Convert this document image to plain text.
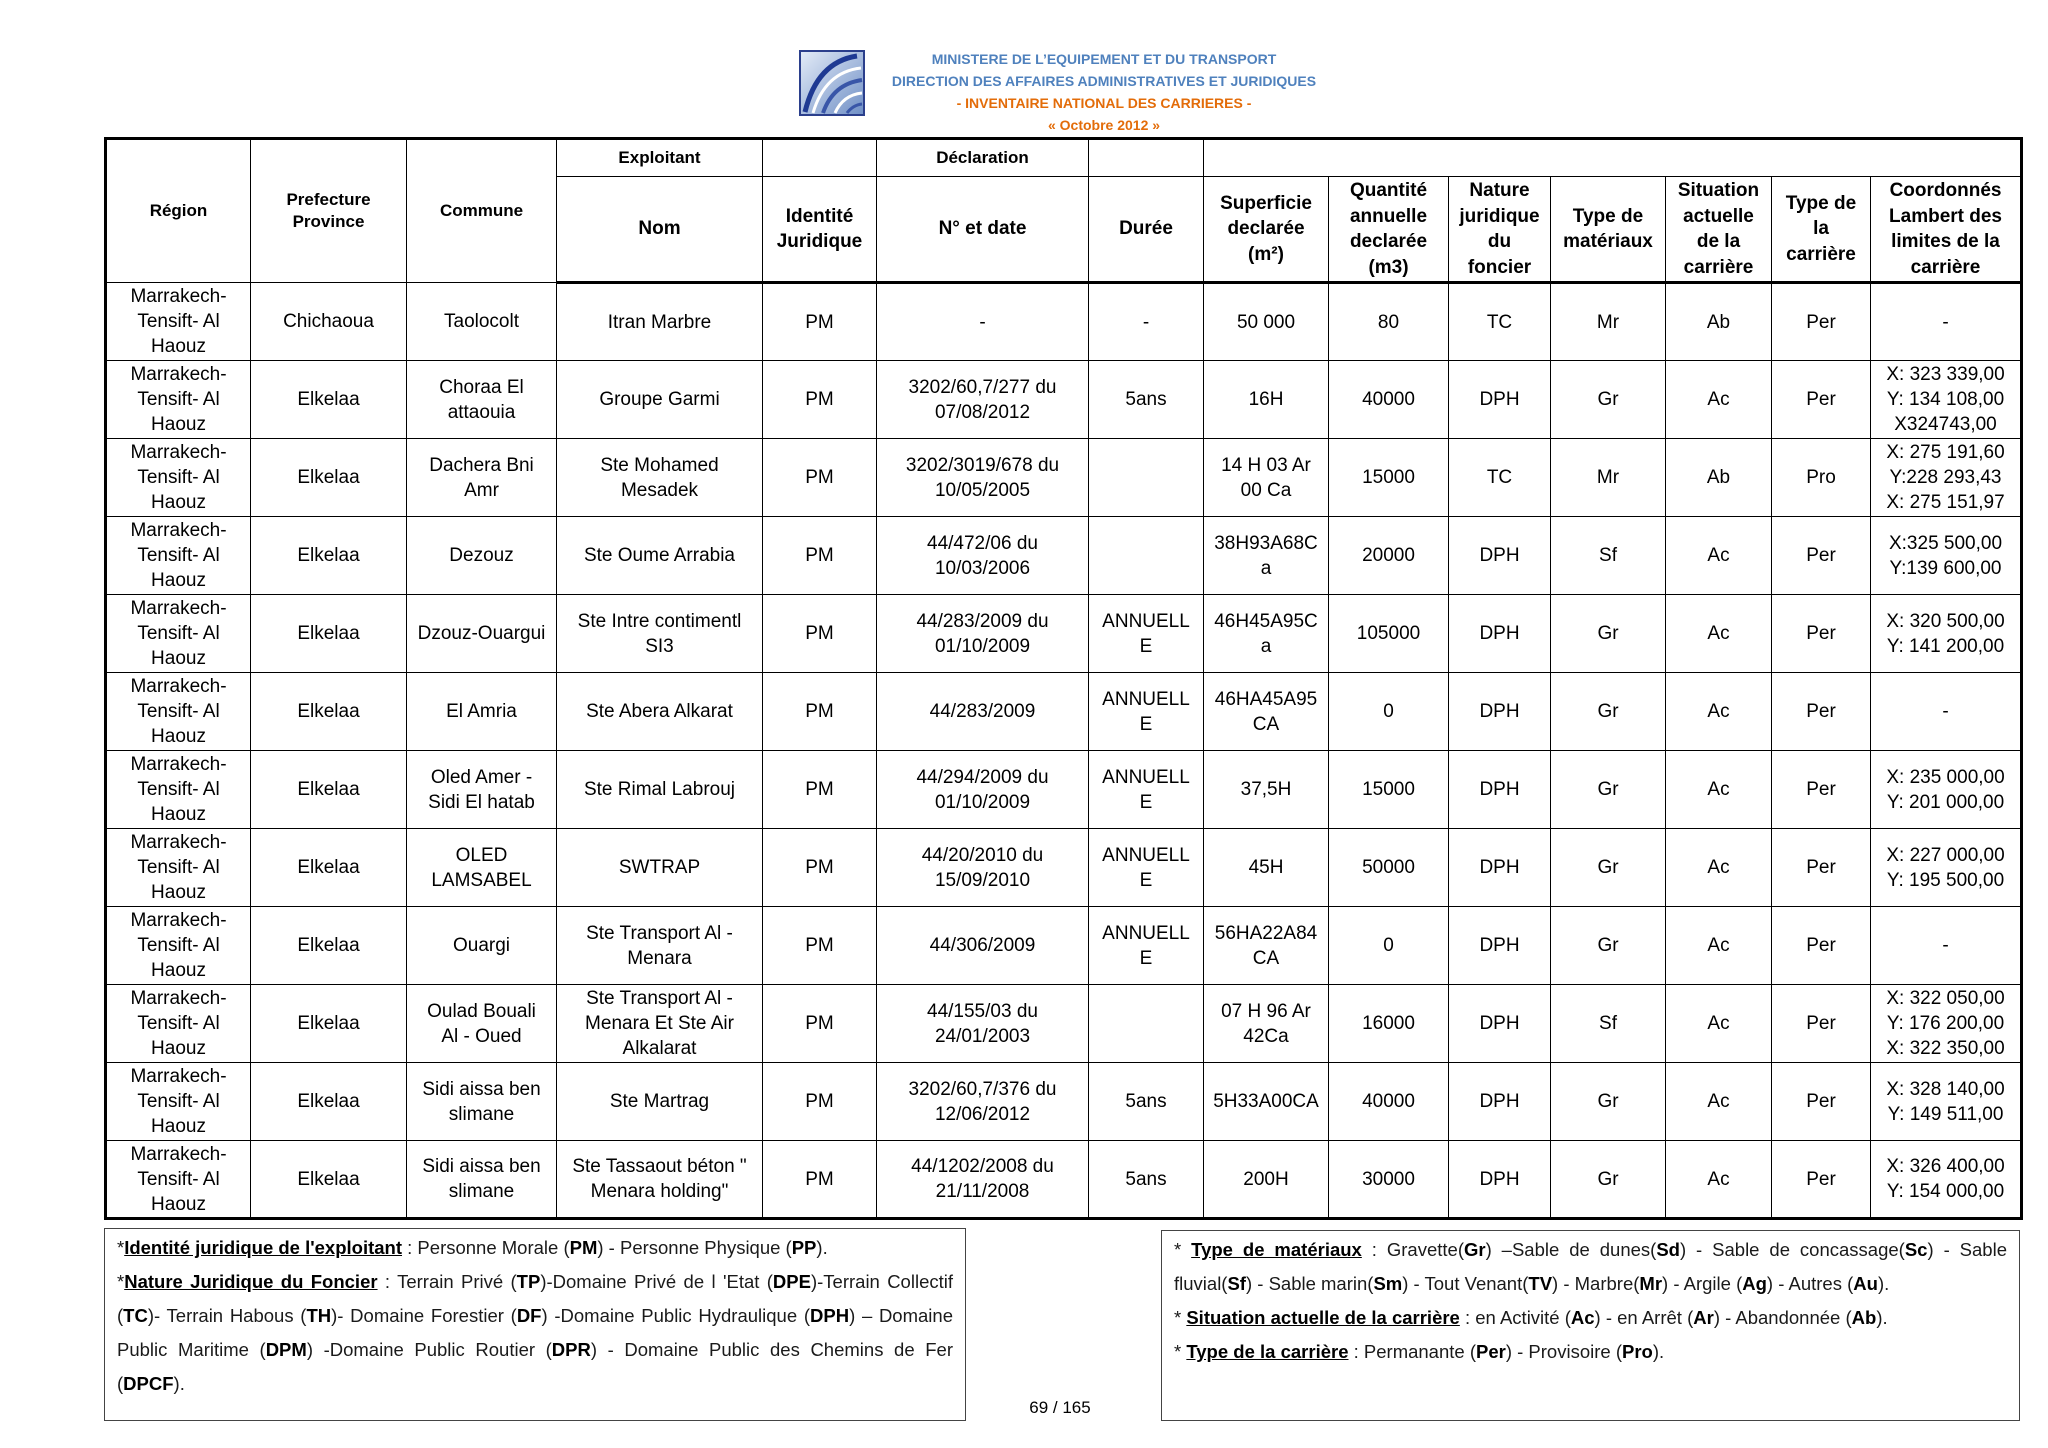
MINISTERE DE L’EQUIPEMENT ET DU TRANSPORT
DIRECTION DES AFFAIRES ADMINISTRATIVES ET JURIDIQUES
- INVENTAIRE NATIONAL DES CARRIERES -
« Octobre 2012 »
Région	Prefecture
Province	Commune	Exploitant		Déclaration								
			Nom	Identité
Juridique	N° et date	Durée	Superficie
declarée
(m²)	Quantité
annuelle
declarée
(m3)	Nature
juridique
du
foncier	Type de
matériaux	Situation
actuelle
de la
carrière	Type de
la
carrière	Coordonnés
Lambert des
limites de la
carrière
Marrakech-
Tensift- Al
Haouz	Chichaoua	Taolocolt	Itran Marbre	PM	-	-	50 000	80	TC	Mr	Ab	Per	-
Marrakech-
Tensift- Al
Haouz	Elkelaa	Choraa El
attaouia	Groupe Garmi	PM	3202/60,7/277 du
07/08/2012	5ans	16H	40000	DPH	Gr	Ac	Per	X: 323 339,00
Y: 134 108,00
X324743,00
Marrakech-
Tensift- Al
Haouz	Elkelaa	Dachera Bni
Amr	Ste Mohamed
Mesadek	PM	3202/3019/678 du
10/05/2005		14 H 03 Ar
00 Ca	15000	TC	Mr	Ab	Pro	X: 275 191,60
Y:228 293,43
X: 275 151,97
Marrakech-
Tensift- Al
Haouz	Elkelaa	Dezouz	Ste Oume Arrabia	PM	44/472/06 du
10/03/2006		38H93A68C
a	20000	DPH	Sf	Ac	Per	X:325 500,00
Y:139 600,00
Marrakech-
Tensift- Al
Haouz	Elkelaa	Dzouz-Ouargui	Ste Intre contimentl
SI3	PM	44/283/2009 du
01/10/2009	ANNUELL
E	46H45A95C
a	105000	DPH	Gr	Ac	Per	X: 320 500,00
Y: 141 200,00
Marrakech-
Tensift- Al
Haouz	Elkelaa	El Amria	Ste Abera Alkarat	PM	44/283/2009	ANNUELL
E	46HA45A95
CA	0	DPH	Gr	Ac	Per	-
Marrakech-
Tensift- Al
Haouz	Elkelaa	Oled Amer -
Sidi El hatab	Ste Rimal Labrouj	PM	44/294/2009 du
01/10/2009	ANNUELL
E	37,5H	15000	DPH	Gr	Ac	Per	X: 235 000,00
Y: 201 000,00
Marrakech-
Tensift- Al
Haouz	Elkelaa	OLED
LAMSABEL	SWTRAP	PM	44/20/2010 du
15/09/2010	ANNUELL
E	45H	50000	DPH	Gr	Ac	Per	X: 227 000,00
Y: 195 500,00
Marrakech-
Tensift- Al
Haouz	Elkelaa	Ouargi	Ste Transport Al -
Menara	PM	44/306/2009	ANNUELL
E	56HA22A84
CA	0	DPH	Gr	Ac	Per	-
Marrakech-
Tensift- Al
Haouz	Elkelaa	Oulad Bouali
Al - Oued	Ste Transport Al -
Menara Et Ste Air
Alkalarat	PM	44/155/03 du
24/01/2003		07 H 96 Ar
42Ca	16000	DPH	Sf	Ac	Per	X: 322 050,00
Y: 176 200,00
X: 322 350,00
Marrakech-
Tensift- Al
Haouz	Elkelaa	Sidi aissa ben
slimane	Ste Martrag	PM	3202/60,7/376 du
12/06/2012	5ans	5H33A00CA	40000	DPH	Gr	Ac	Per	X: 328 140,00
Y: 149 511,00
Marrakech-
Tensift- Al
Haouz	Elkelaa	Sidi aissa ben
slimane	Ste Tassaout béton "
Menara holding"	PM	44/1202/2008 du
21/11/2008	5ans	200H	30000	DPH	Gr	Ac	Per	X: 326 400,00
Y: 154 000,00

*Identité juridique de l'exploitant : Personne Morale (PM) - Personne Physique (PP).

*Nature Juridique du Foncier : Terrain Privé (TP)-Domaine Privé de l 'Etat (DPE)-Terrain Collectif (TC)- Terrain Habous (TH)- Domaine Forestier (DF) -Domaine Public Hydraulique (DPH) – Domaine Public Maritime (DPM) -Domaine Public Routier (DPR) - Domaine Public des Chemins de Fer (DPCF).

* Type de matériaux : Gravette(Gr) –Sable de dunes(Sd) - Sable de concassage(Sc) - Sable fluvial(Sf) - Sable marin(Sm) - Tout Venant(TV) - Marbre(Mr) - Argile (Ag) - Autres (Au).

* Situation actuelle de la carrière : en Activité (Ac) - en Arrêt (Ar) - Abandonnée (Ab).

* Type de la carrière : Permanante (Per) - Provisoire (Pro).

69 / 165
